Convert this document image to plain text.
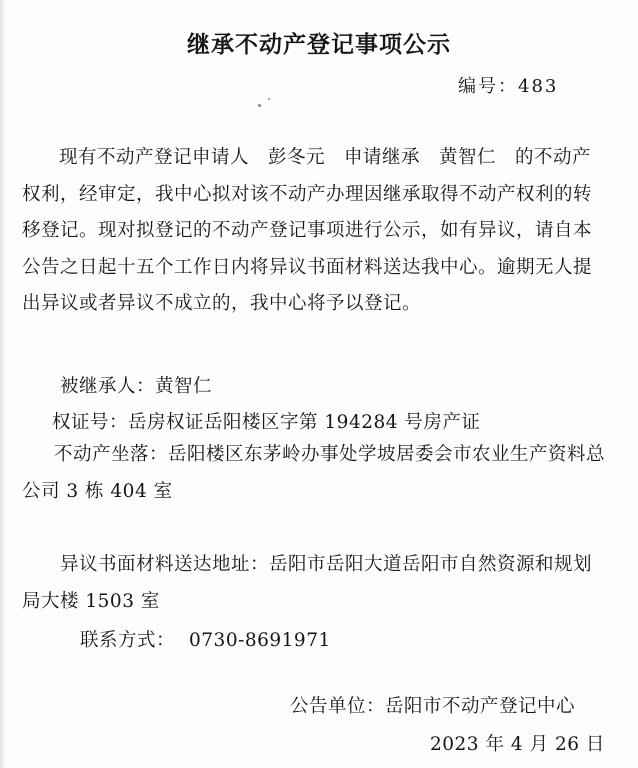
继承不动产登记事项公示
编号：483

现有不动产登记申请人　彭冬元　申请继承　黄智仁　的不动产权利，经审定，我中心拟对该不动产办理因继承取得不动产权利的转移登记。现对拟登记的不动产登记事项进行公示，如有异议，请自本公告之日起十五个工作日内将异议书面材料送达我中心。逾期无人提出异议或者异议不成立的，我中心将予以登记。

被继承人：黄智仁
权证号：岳房权证岳阳楼区字第 194284 号房产证

不动产坐落：岳阳楼区东茅岭办事处学坡居委会市农业生产资料总公司 3 栋 404 室

异议书面材料送达地址：岳阳市岳阳大道岳阳市自然资源和规划局大楼 1503 室

联系方式： 0730-8691971
公告单位：岳阳市不动产登记中心
2023 年 4 月 26 日
